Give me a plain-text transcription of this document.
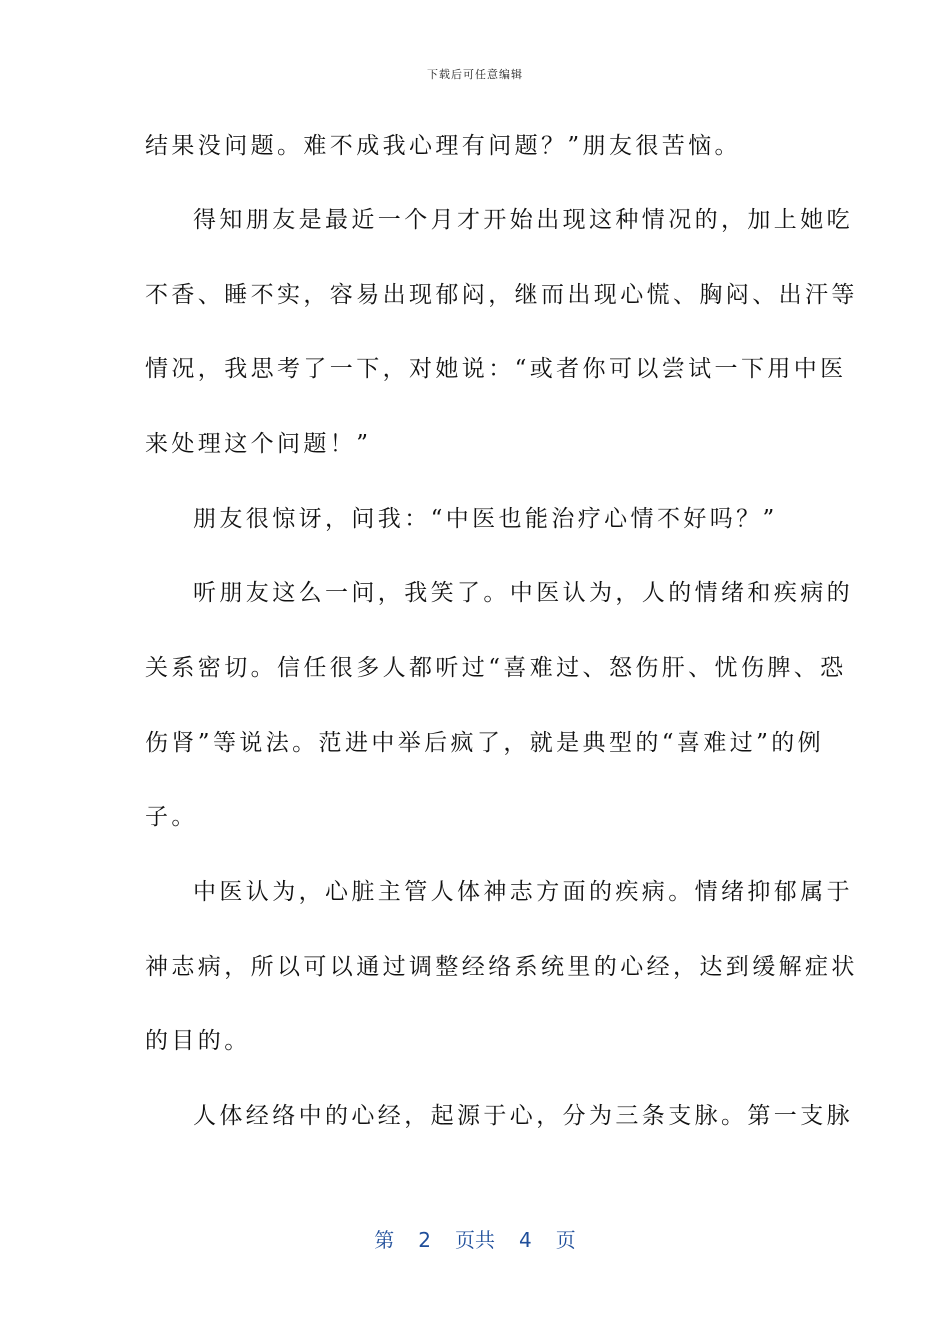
下载后可任意编辑
结果没问题。难不成我心理有问题？”朋友很苦恼。
得知朋友是最近一个月才开始出现这种情况的，加上她吃
不香、睡不实，容易出现郁闷，继而出现心慌、胸闷、出汗等
情况，我思考了一下，对她说：“或者你可以尝试一下用中医
来处理这个问题！”
朋友很惊讶，问我：“中医也能治疗心情不好吗？”
听朋友这么一问，我笑了。中医认为，人的情绪和疾病的
关系密切。信任很多人都听过“喜难过、怒伤肝、忧伤脾、恐
伤肾”等说法。范进中举后疯了，就是典型的“喜难过”的例
子。
中医认为，心脏主管人体神志方面的疾病。情绪抑郁属于
神志病，所以可以通过调整经络系统里的心经，达到缓解症状
的目的。
人体经络中的心经，起源于心，分为三条支脉。第一支脉
第 2 页共 4 页
